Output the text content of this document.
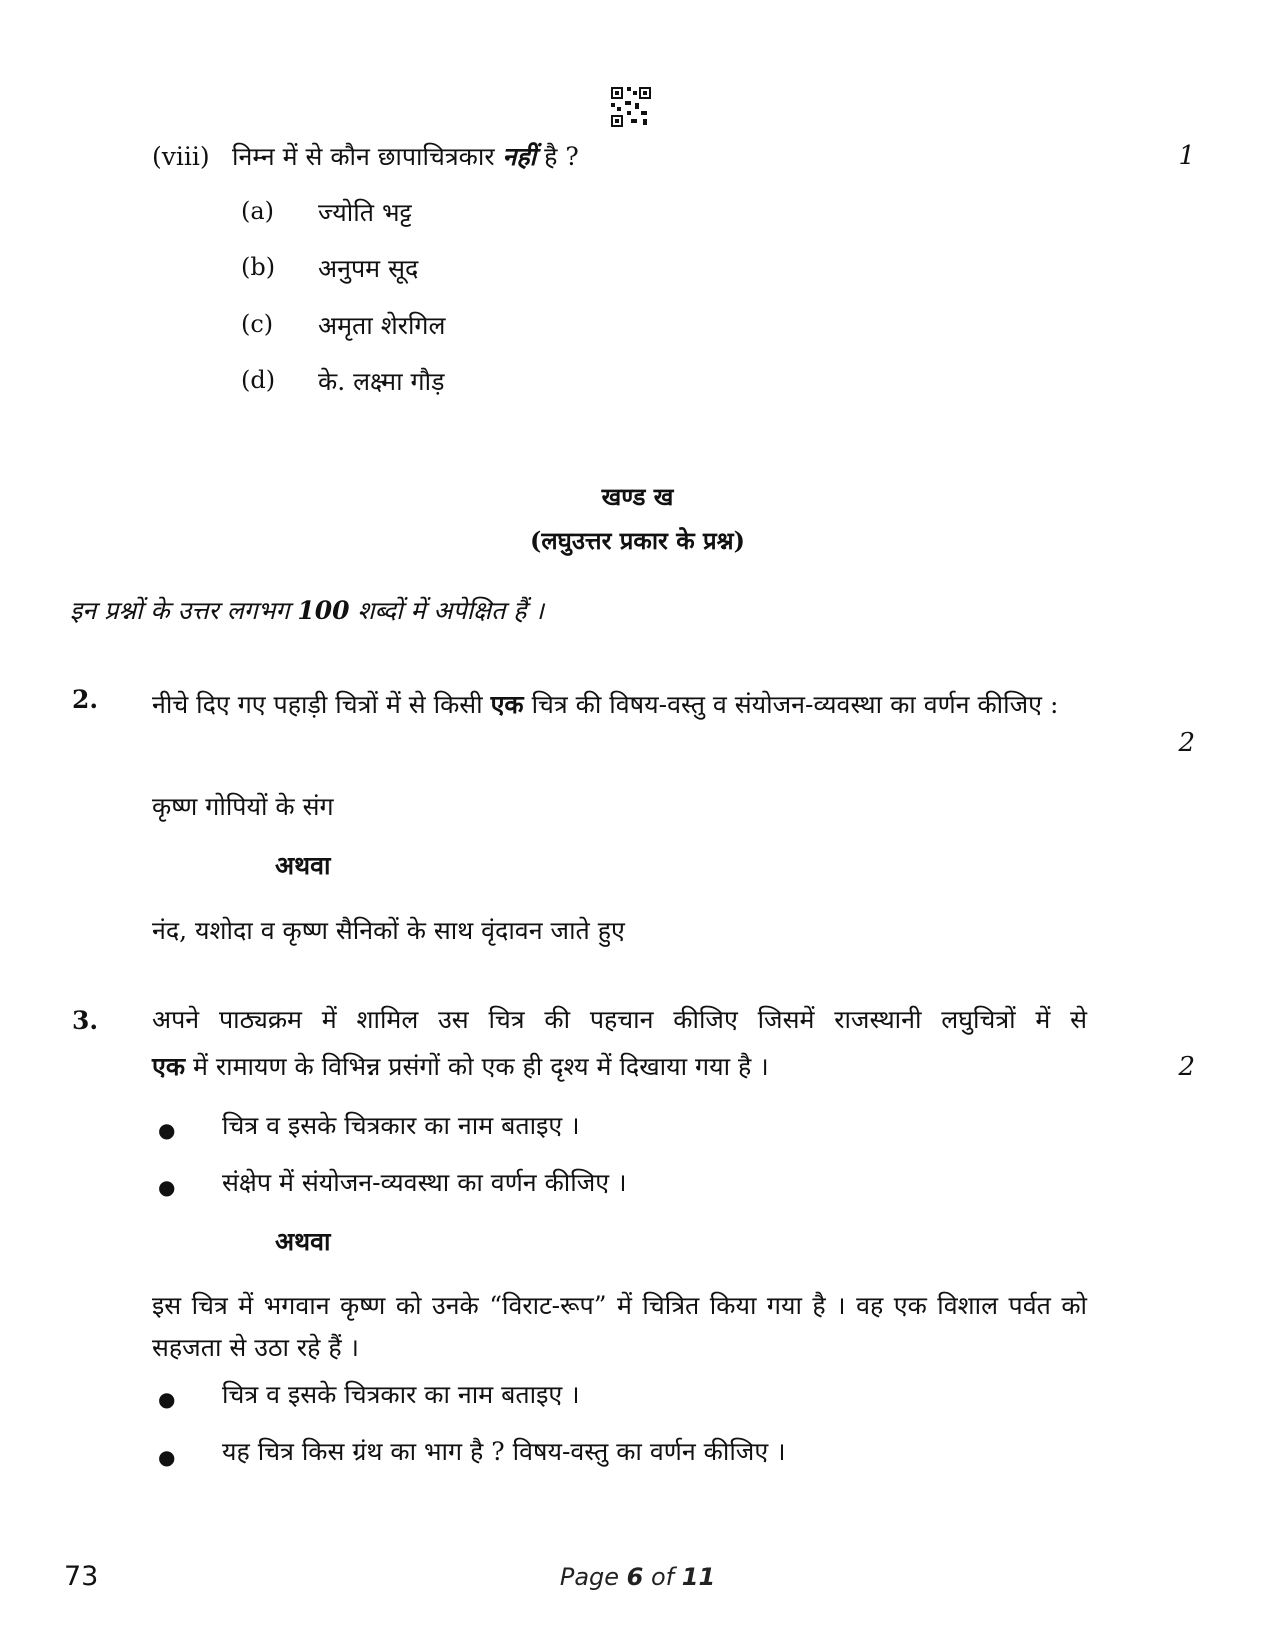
(viii) निम्न में से कौन छापाचित्रकार नहीं है ?	1
(a) ज्योति भट्ट
(b) अनुपम सूद
(c) अमृता शेरगिल
(d) के. लक्ष्मा गौड़
खण्ड ख
(लघुउत्तर प्रकार के प्रश्न)
इन प्रश्नों के उत्तर लगभग 100 शब्दों में अपेक्षित हैं ।
2. नीचे दिए गए पहाड़ी चित्रों में से किसी एक चित्र की विषय-वस्तु व संयोजन-व्यवस्था का वर्णन कीजिए :
2
कृष्ण गोपियों के संग
अथवा
नंद, यशोदा व कृष्ण सैनिकों के साथ वृंदावन जाते हुए
3. अपने पाठ्यक्रम में शामिल उस चित्र की पहचान कीजिए जिसमें राजस्थानी लघुचित्रों में से
एक में रामायण के विभिन्न प्रसंगों को एक ही दृश्य में दिखाया गया है ।	2
● चित्र व इसके चित्रकार का नाम बताइए ।
● संक्षेप में संयोजन-व्यवस्था का वर्णन कीजिए ।
अथवा
इस चित्र में भगवान कृष्ण को उनके “विराट-रूप” में चित्रित किया गया है । वह एक विशाल पर्वत को सहजता से उठा रहे हैं ।
● चित्र व इसके चित्रकार का नाम बताइए ।
● यह चित्र किस ग्रंथ का भाग है ? विषय-वस्तु का वर्णन कीजिए ।
73	Page 6 of 11
